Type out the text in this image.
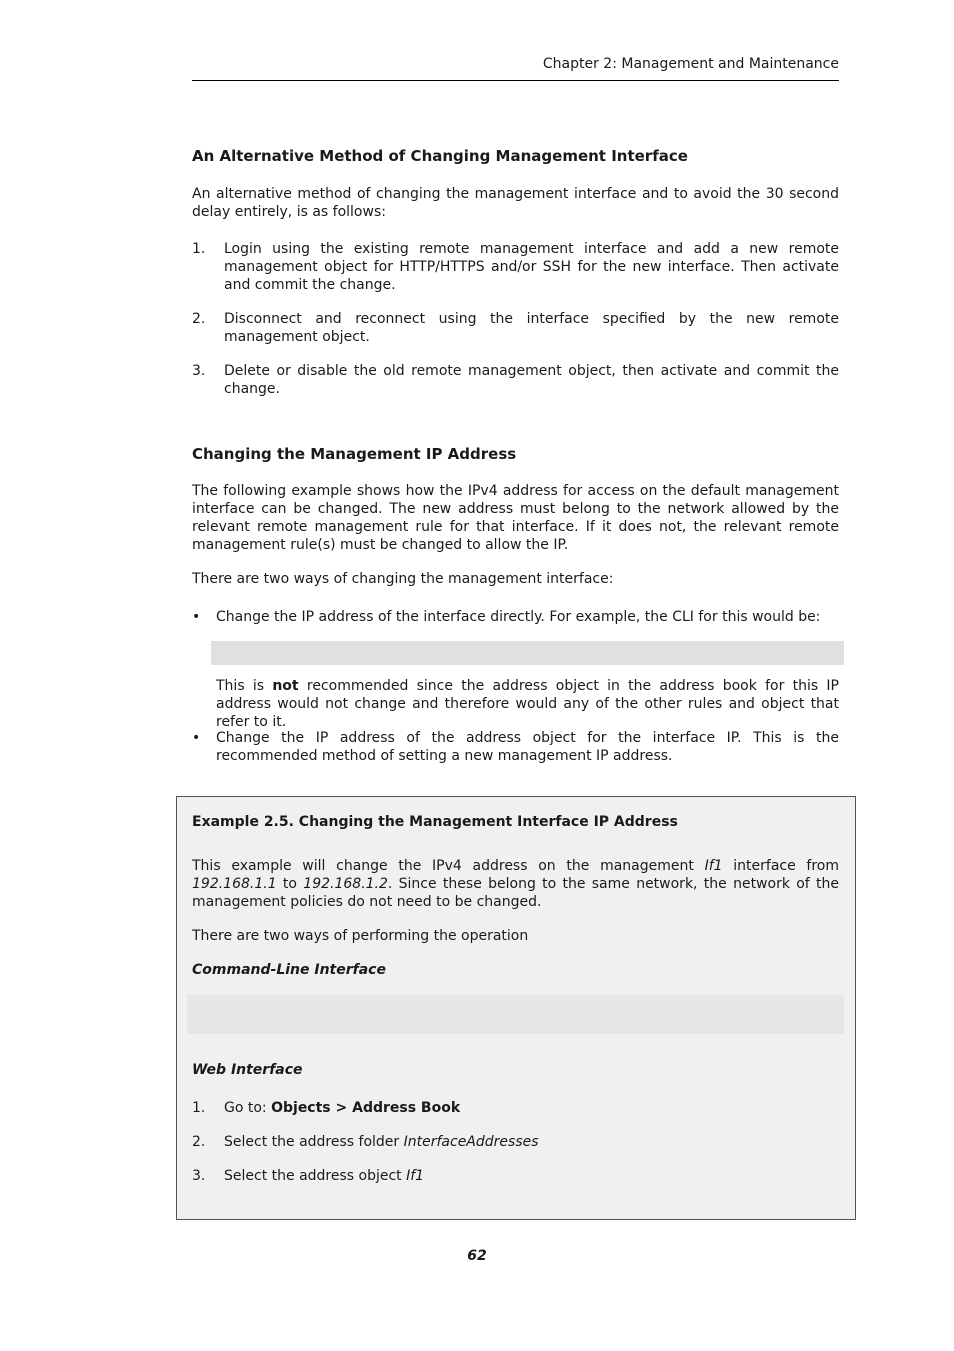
Chapter 2: Management and Maintenance
An Alternative Method of Changing Management Interface

An alternative method of changing the management interface and to avoid the 30 second delay entirely, is as follows:

1. Login using the existing remote management interface and add a new remote management object for HTTP/HTTPS and/or SSH for the new interface. Then activate and commit the change.

2. Disconnect and reconnect using the interface specified by the new remote management object.

3. Delete or disable the old remote management object, then activate and commit the change.

Changing the Management IP Address

The following example shows how the IPv4 address for access on the default management interface can be changed. The new address must belong to the network allowed by the relevant remote management rule for that interface. If it does not, the relevant remote management rule(s) must be changed to allow the IP.

There are two ways of changing the management interface:

• Change the IP address of the interface directly. For example, the CLI for this would be:

This is not recommended since the address object in the address book for this IP address would not change and therefore would any of the other rules and object that refer to it.

• Change the IP address of the address object for the interface IP. This is the recommended method of setting a new management IP address.

Example 2.5. Changing the Management Interface IP Address

This example will change the IPv4 address on the management If1 interface from 192.168.1.1 to 192.168.1.2. Since these belong to the same network, the network of the management policies do not need to be changed.

There are two ways of performing the operation

Command-Line Interface

Web Interface

1. Go to: Objects > Address Book

2. Select the address folder InterfaceAddresses

3. Select the address object If1

62
